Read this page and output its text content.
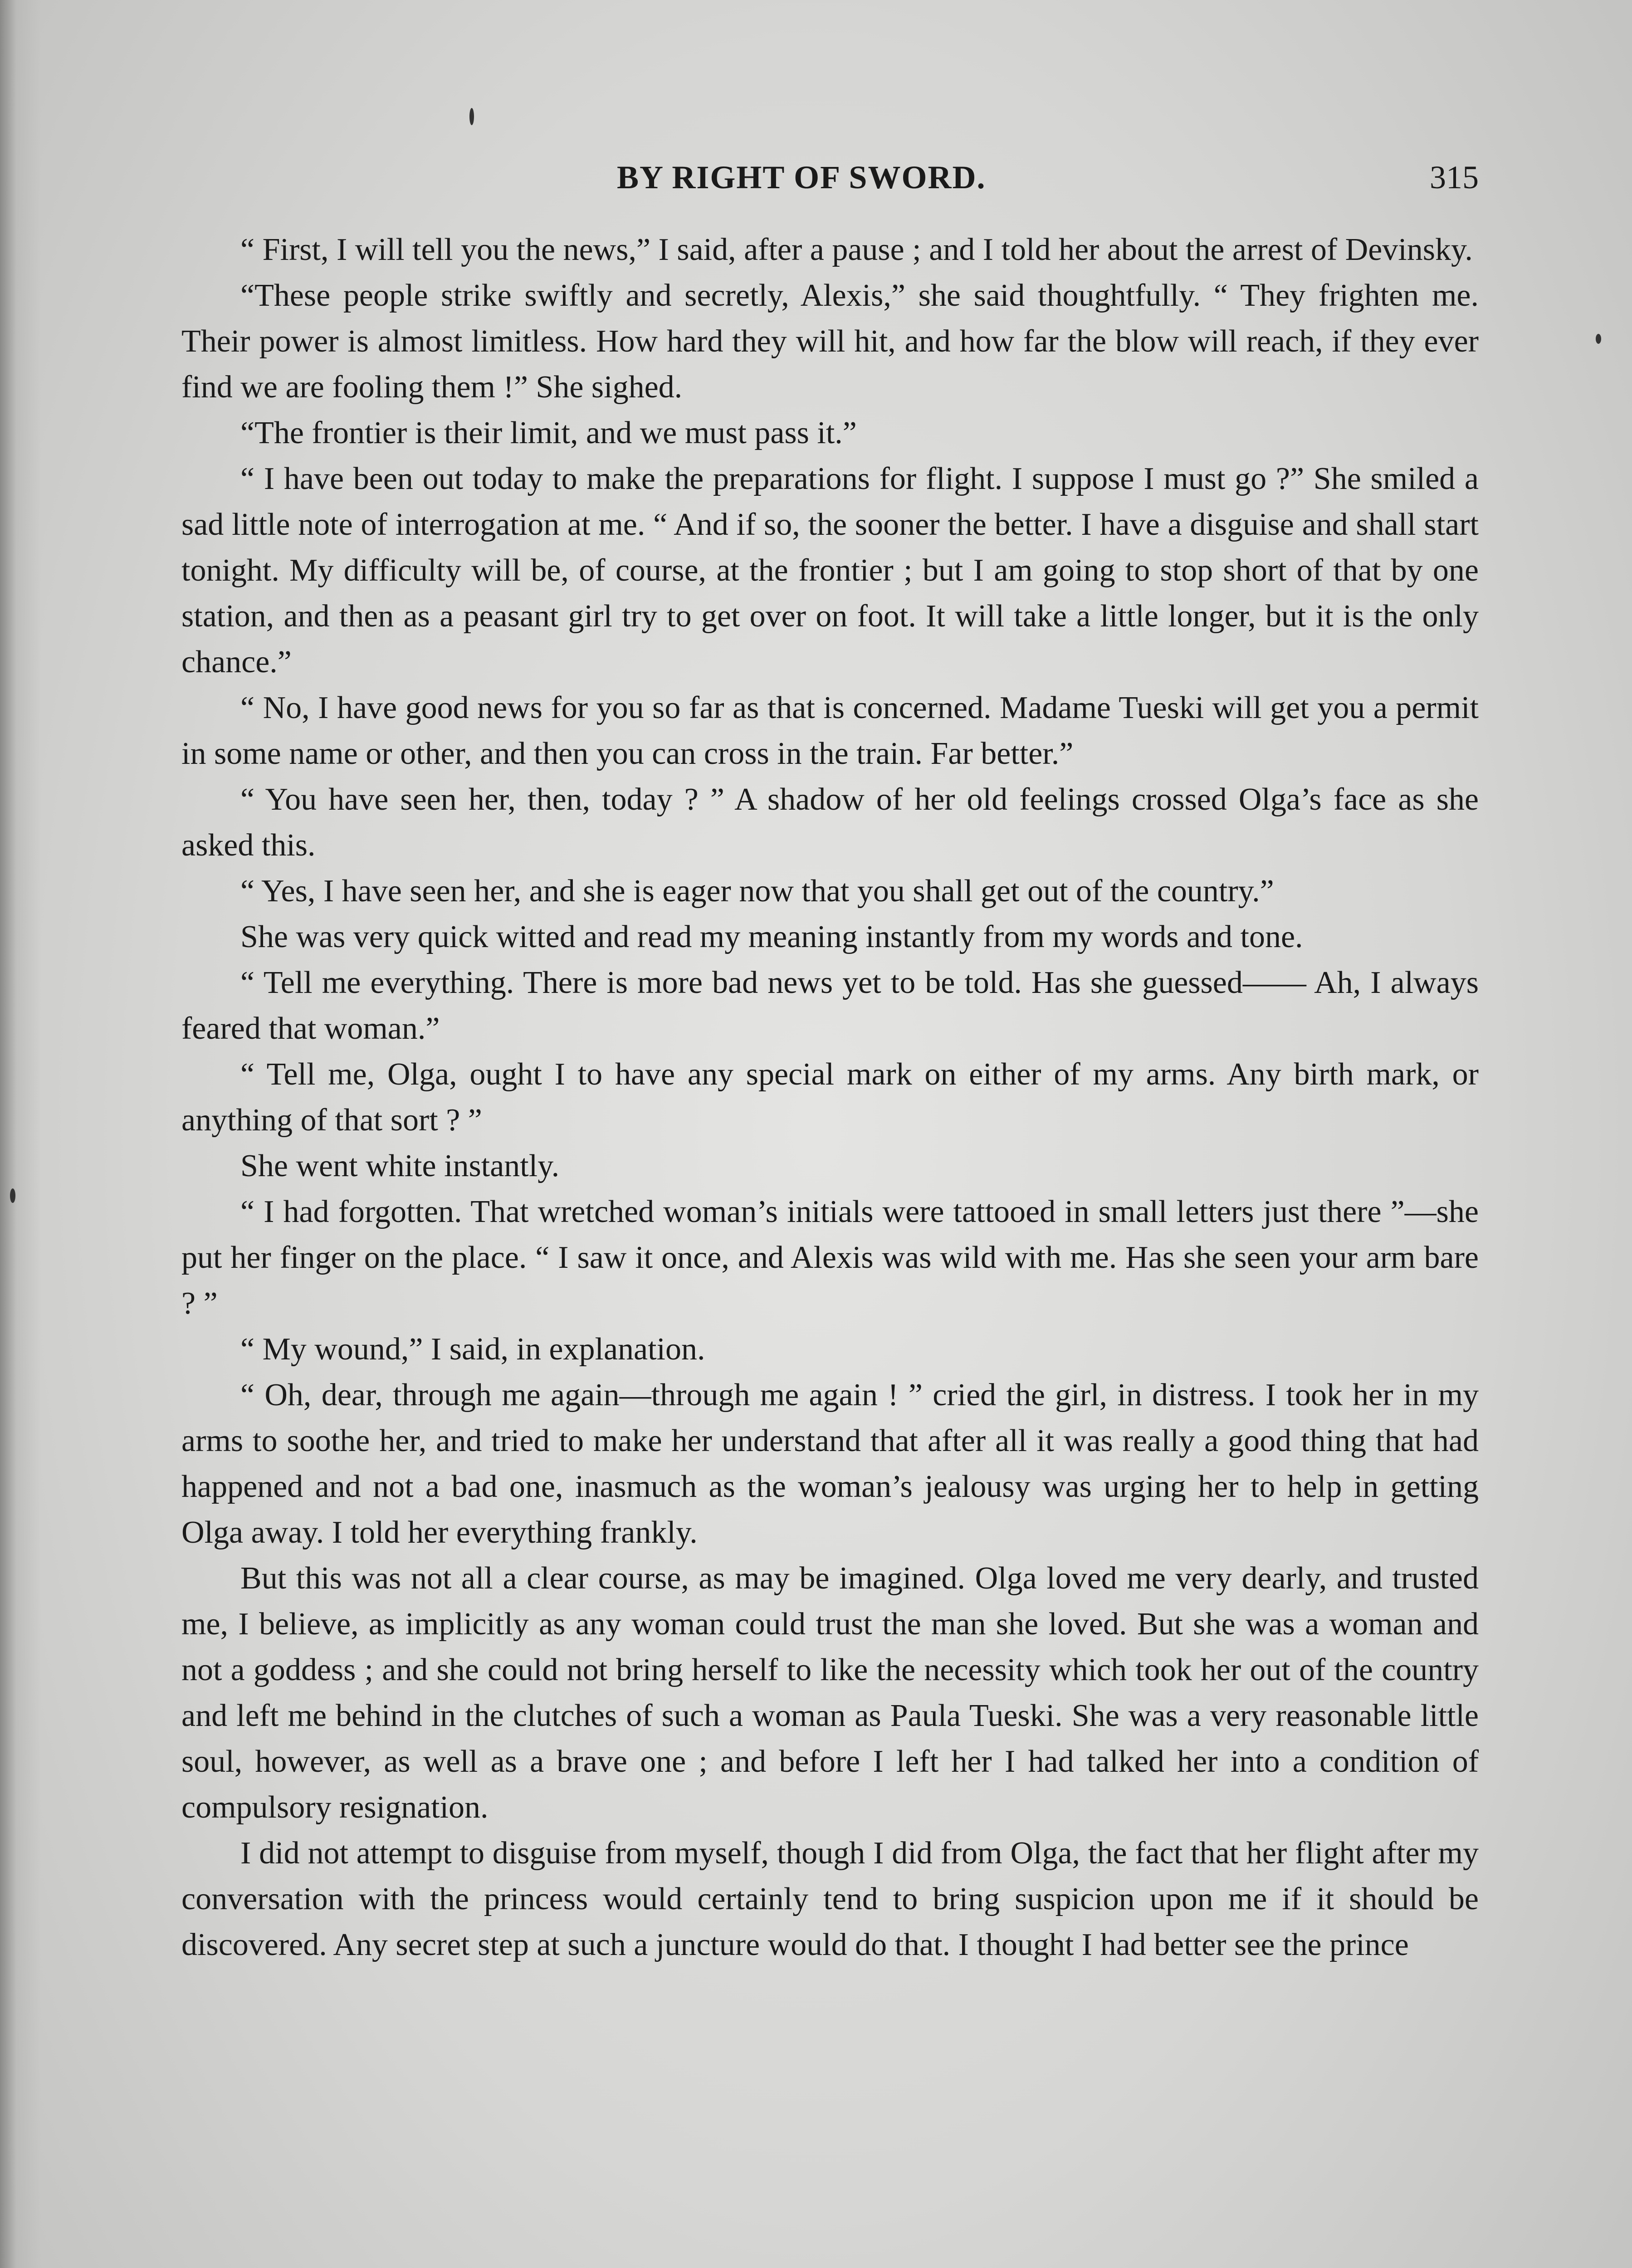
BY RIGHT OF SWORD.	315

“ First, I will tell you the news,” I said, after a pause ; and I told her about the arrest of Devinsky.

“These people strike swiftly and secretly, Alexis,” she said thoughtfully. “ They frighten me. Their power is almost limitless. How hard they will hit, and how far the blow will reach, if they ever find we are fooling them !” She sighed.

“The frontier is their limit, and we must pass it.”

“ I have been out today to make the preparations for flight. I suppose I must go ?” She smiled a sad little note of interrogation at me. “ And if so, the sooner the better. I have a disguise and shall start tonight. My difficulty will be, of course, at the frontier ; but I am going to stop short of that by one station, and then as a peasant girl try to get over on foot. It will take a little longer, but it is the only chance.”

“ No, I have good news for you so far as that is concerned. Madame Tueski will get you a permit in some name or other, and then you can cross in the train. Far better.”

“ You have seen her, then, today ? ” A shadow of her old feelings crossed Olga’s face as she asked this.

“ Yes, I have seen her, and she is eager now that you shall get out of the country.”

She was very quick witted and read my meaning instantly from my words and tone.

“ Tell me everything. There is more bad news yet to be told. Has she guessed—— Ah, I always feared that woman.”

“ Tell me, Olga, ought I to have any special mark on either of my arms. Any birth mark, or anything of that sort ? ”

She went white instantly.

“ I had forgotten. That wretched woman’s initials were tattooed in small letters just there ”—she put her finger on the place. “ I saw it once, and Alexis was wild with me. Has she seen your arm bare ? ”

“ My wound,” I said, in explanation.

“ Oh, dear, through me again—through me again ! ” cried the girl, in distress. I took her in my arms to soothe her, and tried to make her understand that after all it was really a good thing that had happened and not a bad one, inasmuch as the woman’s jealousy was urging her to help in getting Olga away. I told her everything frankly.

But this was not all a clear course, as may be imagined. Olga loved me very dearly, and trusted me, I believe, as implicitly as any woman could trust the man she loved. But she was a woman and not a goddess ; and she could not bring herself to like the necessity which took her out of the country and left me behind in the clutches of such a woman as Paula Tueski. She was a very reasonable little soul, however, as well as a brave one ; and before I left her I had talked her into a condition of compulsory resignation.

I did not attempt to disguise from myself, though I did from Olga, the fact that her flight after my conversation with the princess would certainly tend to bring suspicion upon me if it should be discovered. Any secret step at such a juncture would do that. I thought I had better see the prince
